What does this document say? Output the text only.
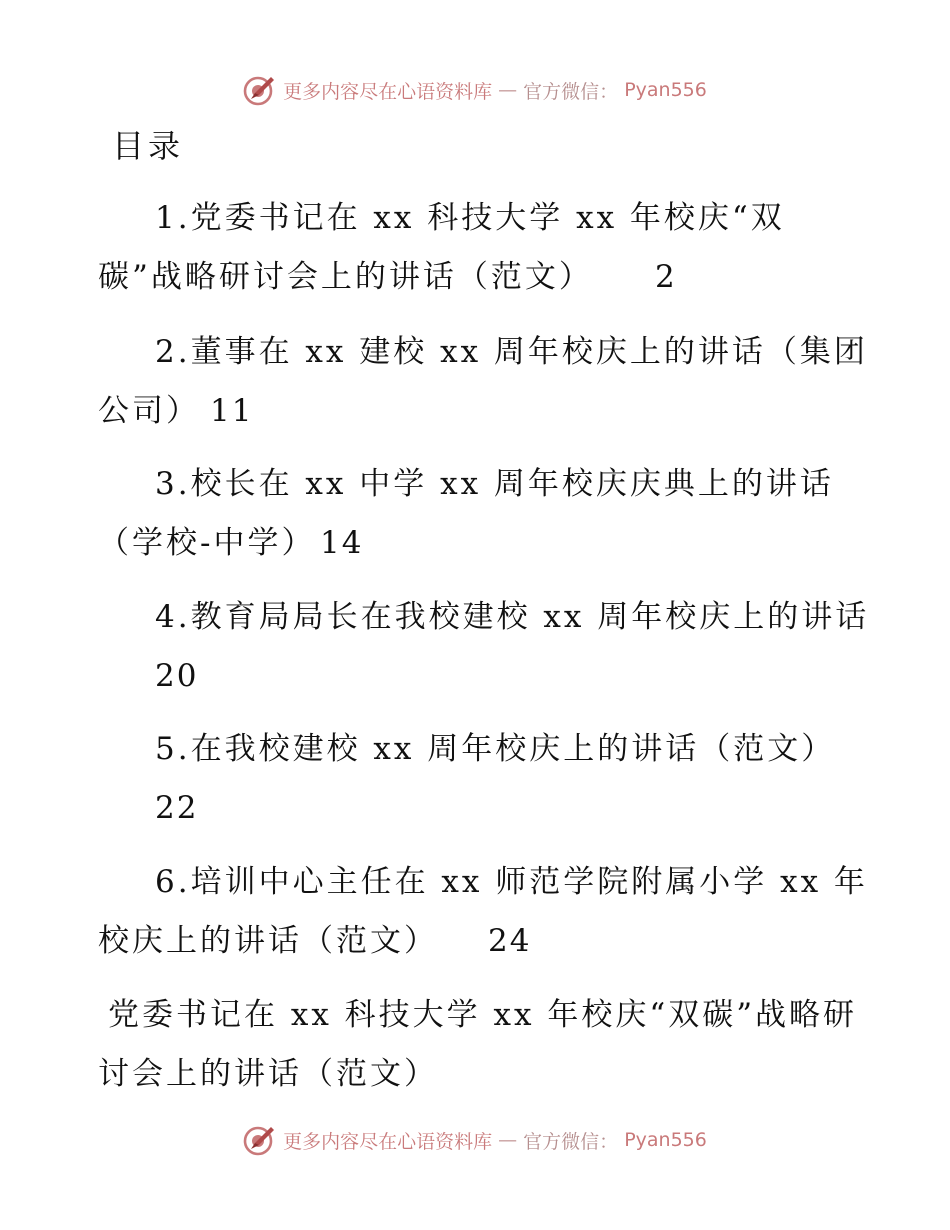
更多内容尽在心语资料库 — 官方微信： Pyan556
目录
1.党委书记在 xx 科技大学 xx 年校庆“双
碳”战略研讨会上的讲话（范文） 2
2.董事在 xx 建校 xx 周年校庆上的讲话（集团
公司） 11
3.校长在 xx 中学 xx 周年校庆庆典上的讲话
（学校-中学） 14
4.教育局局长在我校建校 xx 周年校庆上的讲话
20
5.在我校建校 xx 周年校庆上的讲话（范文）
22
6.培训中心主任在 xx 师范学院附属小学 xx 年
校庆上的讲话（范文） 24
党委书记在 xx 科技大学 xx 年校庆“双碳”战略研
讨会上的讲话（范文）
更多内容尽在心语资料库 — 官方微信： Pyan556
